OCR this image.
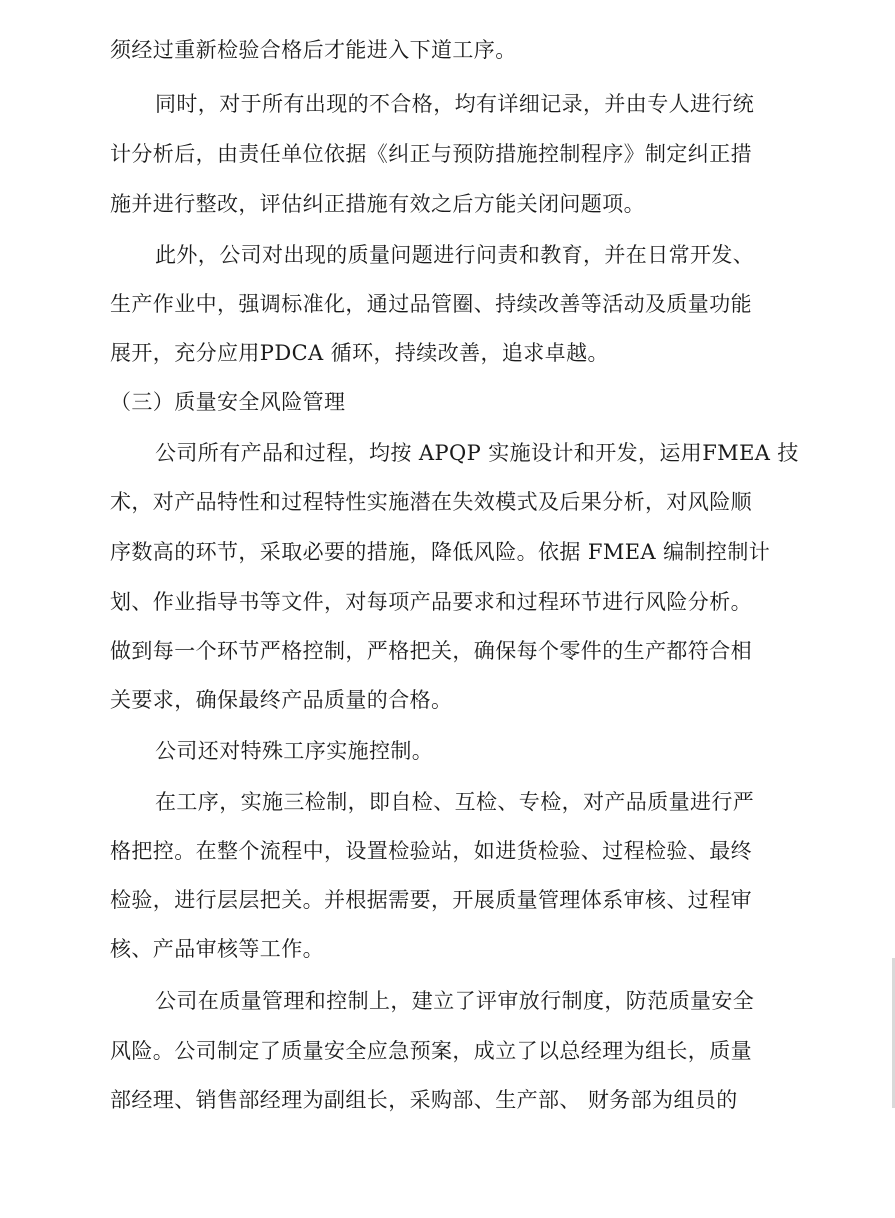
须经过重新检验合格后才能进入下道工序。
同时，对于所有出现的不合格，均有详细记录，并由专人进行统
计分析后，由责任单位依据《纠正与预防措施控制程序》制定纠正措
施并进行整改，评估纠正措施有效之后方能关闭问题项。
此外，公司对出现的质量问题进行问责和教育，并在日常开发、
生产作业中，强调标准化，通过品管圈、持续改善等活动及质量功能
展开，充分应用PDCA 循环，持续改善，追求卓越。
（三）质量安全风险管理
公司所有产品和过程，均按 APQP 实施设计和开发，运用FMEA 技
术，对产品特性和过程特性实施潜在失效模式及后果分析，对风险顺
序数高的环节，采取必要的措施，降低风险。依据 FMEA 编制控制计
划、作业指导书等文件，对每项产品要求和过程环节进行风险分析。
做到每一个环节严格控制，严格把关，确保每个零件的生产都符合相
关要求，确保最终产品质量的合格。
公司还对特殊工序实施控制。
在工序，实施三检制，即自检、互检、专检，对产品质量进行严
格把控。在整个流程中，设置检验站，如进货检验、过程检验、最终
检验，进行层层把关。并根据需要，开展质量管理体系审核、过程审
核、产品审核等工作。
公司在质量管理和控制上，建立了评审放行制度，防范质量安全
风险。公司制定了质量安全应急预案，成立了以总经理为组长，质量
部经理、销售部经理为副组长，采购部、生产部、 财务部为组员的
